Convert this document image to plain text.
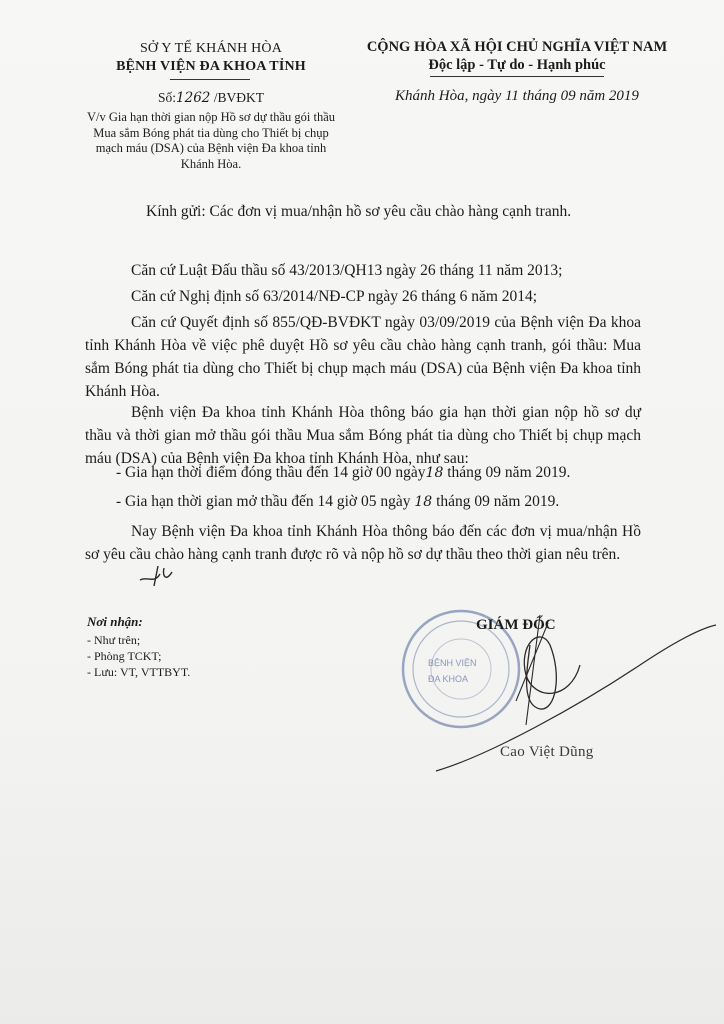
SỞ Y TẾ KHÁNH HÒA
BỆNH VIỆN ĐA KHOA TỈNH
CỘNG HÒA XÃ HỘI CHỦ NGHĨA VIỆT NAM
Độc lập - Tự do - Hạnh phúc
Số:1262 /BVĐKT	Khánh Hòa, ngày 11 tháng 09 năm 2019
V/v Gia hạn thời gian nộp Hồ sơ dự thầu gói thầu Mua sắm Bóng phát tia dùng cho Thiết bị chụp mạch máu (DSA) của Bệnh viện Đa khoa tỉnh Khánh Hòa.
Kính gửi: Các đơn vị mua/nhận hồ sơ yêu cầu chào hàng cạnh tranh.
Căn cứ Luật Đấu thầu số 43/2013/QH13 ngày 26 tháng 11 năm 2013;
Căn cứ Nghị định số 63/2014/NĐ-CP ngày 26 tháng 6 năm 2014;
Căn cứ Quyết định số 855/QĐ-BVĐKT ngày 03/09/2019 của Bệnh viện Đa khoa tỉnh Khánh Hòa về việc phê duyệt Hồ sơ yêu cầu chào hàng cạnh tranh, gói thầu: Mua sắm Bóng phát tia dùng cho Thiết bị chụp mạch máu (DSA) của Bệnh viện Đa khoa tỉnh Khánh Hòa.
Bệnh viện Đa khoa tỉnh Khánh Hòa thông báo gia hạn thời gian nộp hồ sơ dự thầu và thời gian mở thầu gói thầu Mua sắm Bóng phát tia dùng cho Thiết bị chụp mạch máu (DSA) của Bệnh viện Đa khoa tỉnh Khánh Hòa, như sau:
- Gia hạn thời điểm đóng thầu đến 14 giờ 00 ngày18 tháng 09 năm 2019.
- Gia hạn thời gian mở thầu đến 14 giờ 05 ngày 18 tháng 09 năm 2019.
Nay Bệnh viện Đa khoa tỉnh Khánh Hòa thông báo đến các đơn vị mua/nhận Hồ sơ yêu cầu chào hàng cạnh tranh được rõ và nộp hồ sơ dự thầu theo thời gian nêu trên.
Nơi nhận:
- Như trên;
- Phòng TCKT;
- Lưu: VT, VTTBYT.
BỆNH VIỆN
ĐA KHOA
GIÁM ĐỐC
Cao Việt Dũng
